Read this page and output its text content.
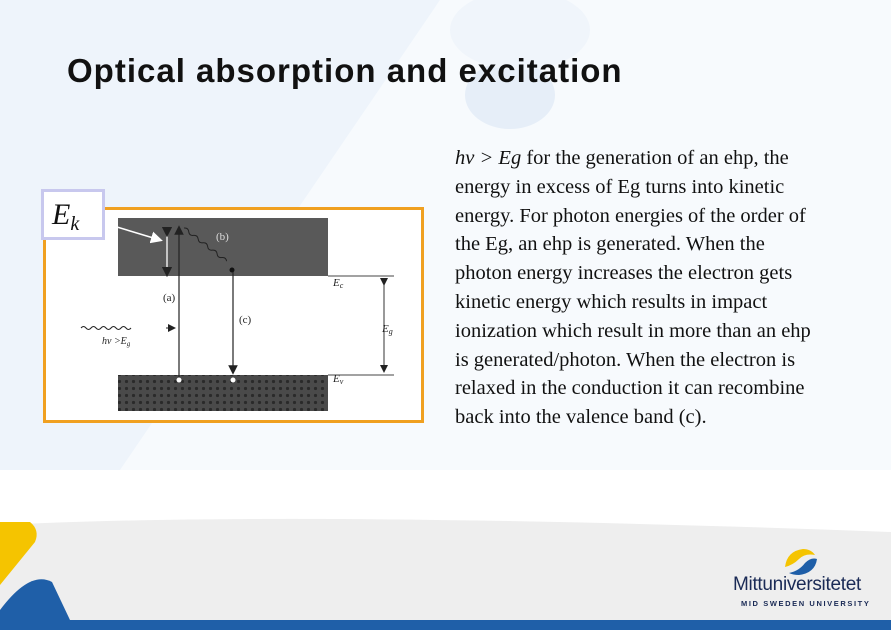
Optical absorption and excitation
hν > Eg for the generation of an ehp, the energy in excess of Eg turns into kinetic energy. For photon energies of the order of the Eg, an ehp is generated. When the photon energy increases the electron gets kinetic energy which results in impact ionization which result in more than an ehp is generated/photon. When the electron is relaxed in the conduction it can recombine back into the valence band (c).
(b)
(a)
(c)
Ec
Ev
Eg
$h\nu >E_g$
$E_k$
Mittuniversitetet
MID SWEDEN UNIVERSITY
